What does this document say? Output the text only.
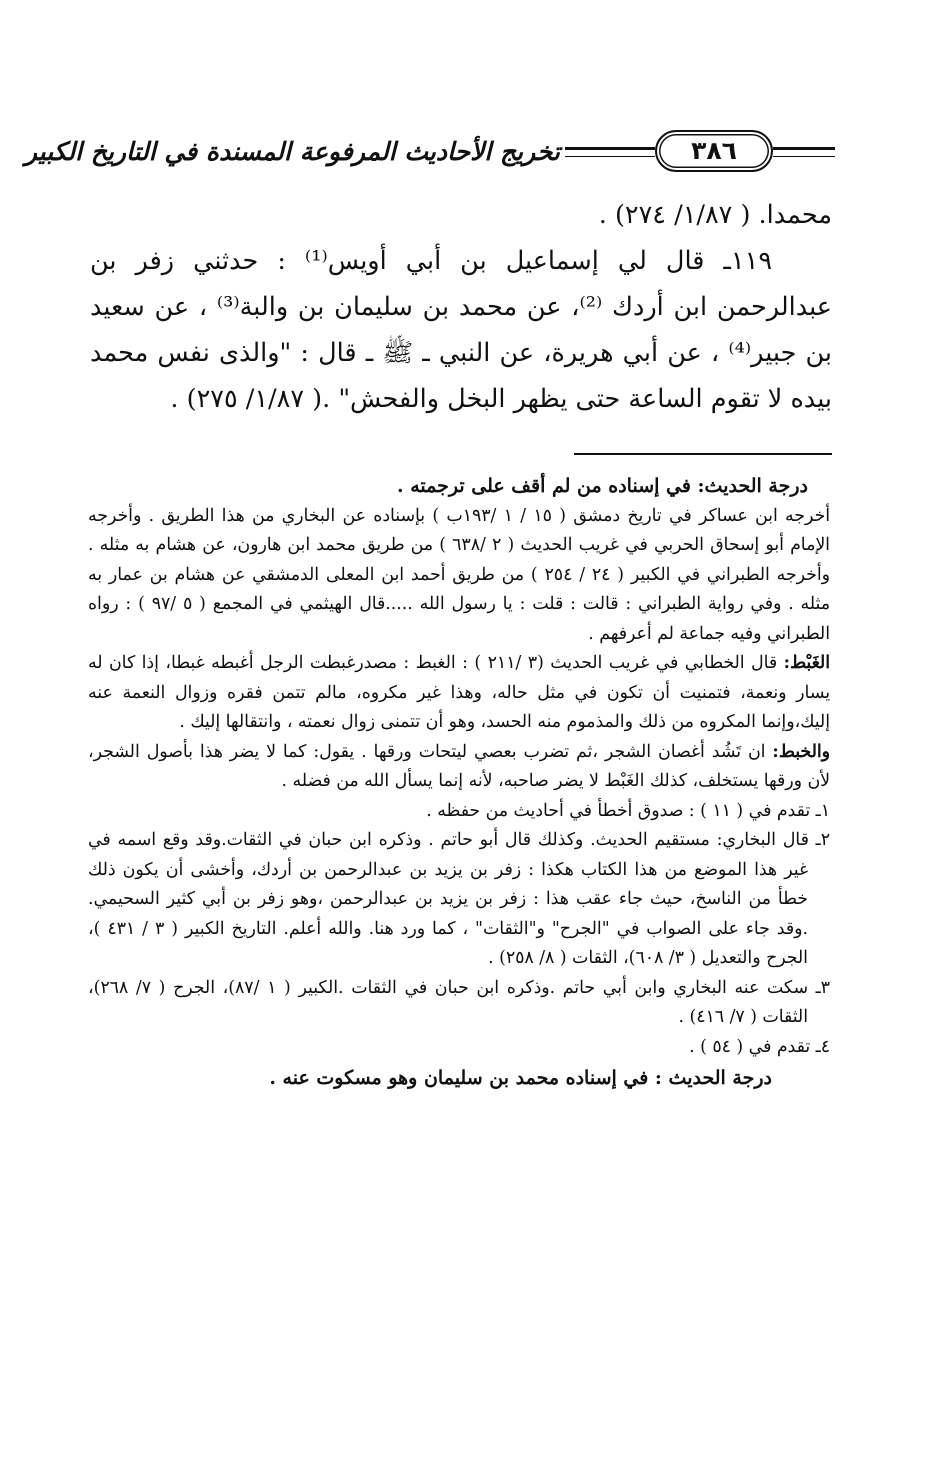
٣٨٦
تخريج الأحاديث المرفوعة المسندة في التاريخ الكبير

محمدا. ( ١/٨٧/ ٢٧٤) .

١١٩ـ قال لي إسماعيل بن أبي أويس⁽¹⁾ : حدثني زفر بن عبدالرحمن ابن أردك ⁽²⁾، عن محمد بن سليمان بن والبة⁽³⁾ ، عن سعيد بن جبير⁽⁴⁾ ، عن أبي هريرة، عن النبي ـ ﷺ ـ قال : "والذى نفس محمد بيده لا تقوم الساعة حتى يظهر البخل والفحش" .( ١/٨٧/ ٢٧٥) .

درجة الحديث: في إسناده من لم أقف على ترجمته .

أخرجه ابن عساكر في تاريخ دمشق ( ١٥ / ١ /١٩٣ب ) بإسناده عن البخاري من هذا الطريق . وأخرجه الإمام أبو إسحاق الحربي في غريب الحديث ( ٢ /٦٣٨ ) من طريق محمد ابن هارون، عن هشام به مثله . وأخرجه الطبراني في الكبير ( ٢٤ / ٢٥٤ ) من طريق أحمد ابن المعلى الدمشقي عن هشام بن عمار به مثله . وفي رواية الطبراني : قالت : قلت : يا رسول الله .....قال الهيثمي في المجمع ( ٥ /٩٧ ) : رواه الطبراني وفيه جماعة لم أعرفهم .

الغَبْط: قال الخطابي في غريب الحديث (٣ /٢١١ ) : الغبط : مصدرغبطت الرجل أغبطه غبطا، إذا كان له يسار ونعمة، فتمنيت أن تكون في مثل حاله، وهذا غير مكروه، مالم تتمن فقره وزوال النعمة عنه إليك،وإنما المكروه من ذلك والمذموم منه الحسد، وهو أن تتمنى زوال نعمته ، وانتقالها إليك .

والخبط: ان تَشُد أغصان الشجر ،ثم تضرب بعصي ليتحات ورقها . يقول: كما لا يضر هذا بأصول الشجر، لأن ورقها يستخلف، كذلك الغَبْط لا يضر صاحبه، لأنه إنما يسأل الله من فضله .

١ـ تقدم في ( ١١ ) : صدوق أخطأ في أحاديث من حفظه .

٢ـ قال البخاري: مستقيم الحديث. وكذلك قال أبو حاتم . وذكره ابن حبان في الثقات.وقد وقع اسمه في غير هذا الموضع من هذا الكتاب هكذا : زفر بن يزيد بن عبدالرحمن بن أردك، وأخشى أن يكون ذلك خطأ من الناسخ، حيث جاء عقب هذا : زفر بن يزيد بن عبدالرحمن ،وهو زفر بن أبي كثير السحيمي. .وقد جاء على الصواب في "الجرح" و"الثقات" ، كما ورد هنا. والله أعلم. التاريخ الكبير ( ٣ / ٤٣١ )، الجرح والتعديل ( ٣/ ٦٠٨)، الثقات ( ٨/ ٢٥٨) .

٣ـ سكت عنه البخاري وابن أبي حاتم .وذكره ابن حبان في الثقات .الكبير ( ١ /٨٧)، الجرح ( ٧/ ٢٦٨)، الثقات ( ٧/ ٤١٦) .

٤ـ تقدم في ( ٥٤ ) .

درجة الحديث : في إسناده محمد بن سليمان وهو مسكوت عنه .
